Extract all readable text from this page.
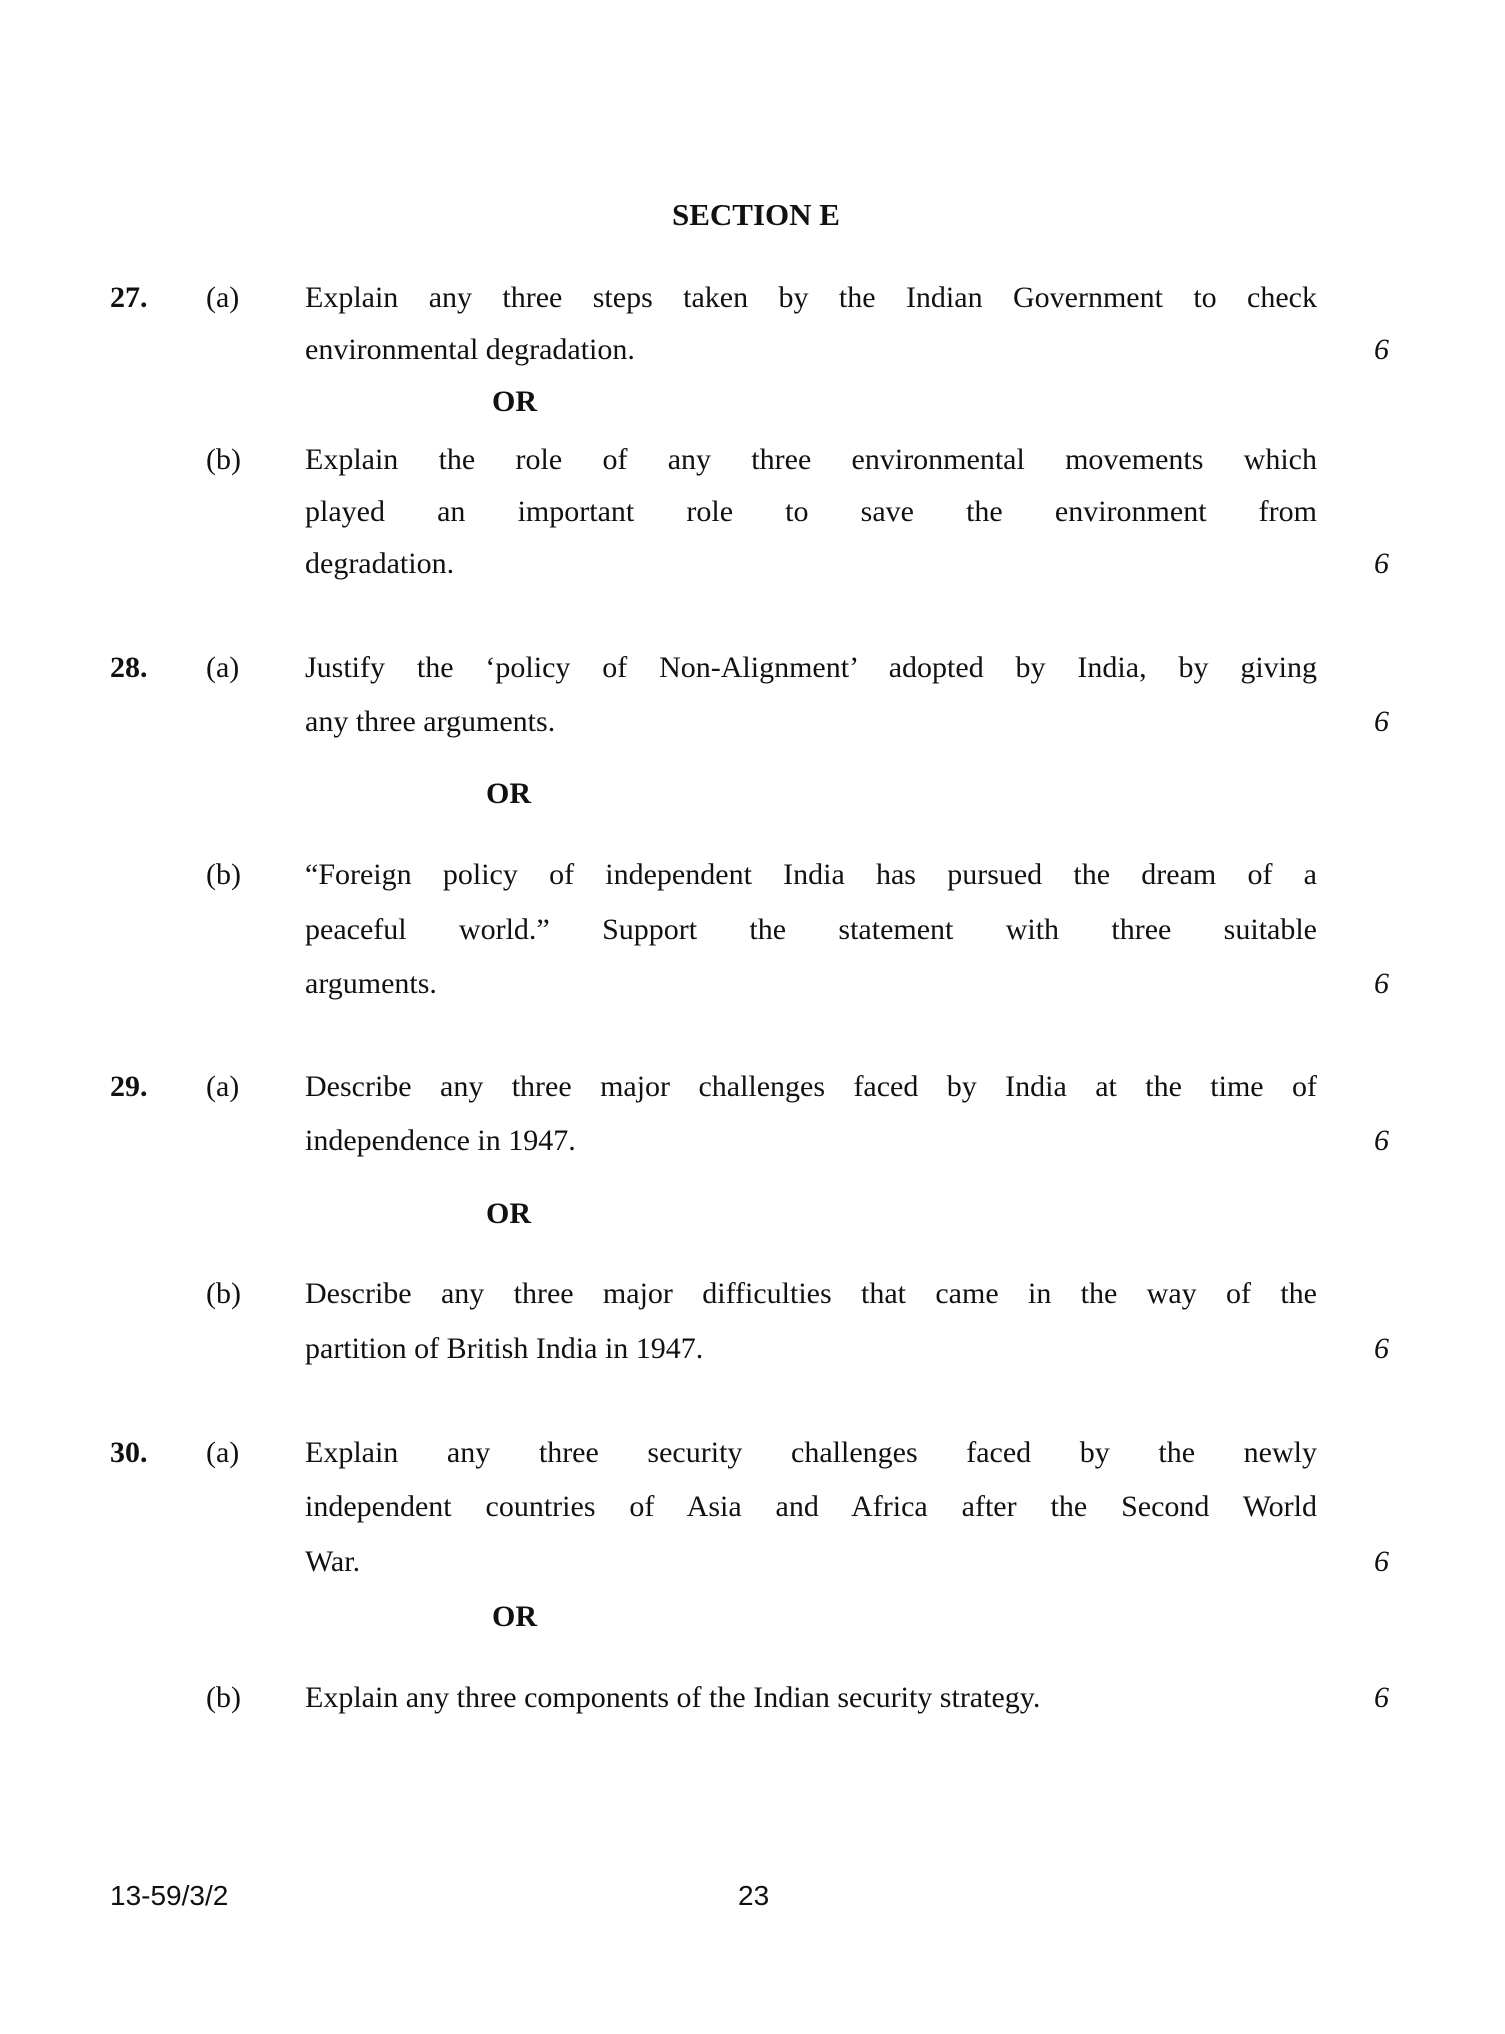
SECTION E
13-59/3/2	23
27. (a) Explain any three steps taken by the Indian Government to check
environmental degradation.	6
(b) Explain the role of any three environmental movements which
played an important role to save the environment from
degradation.	6
OR
28. (a) Justify the ‘policy of Non-Alignment’ adopted by India, by giving
any three arguments.	6
(b) “Foreign policy of independent India has pursued the dream of a
peaceful world.” Support the statement with three suitable
arguments.	6
OR
29. (a) Describe any three major challenges faced by India at the time of
independence in 1947.	6
(b) Describe any three major difficulties that came in the way of the
partition of British India in 1947.	6
OR
30. (a) Explain any three security challenges faced by the newly
independent countries of Asia and Africa after the Second World
War.	6
(b) Explain any three components of the Indian security strategy.	6
OR
